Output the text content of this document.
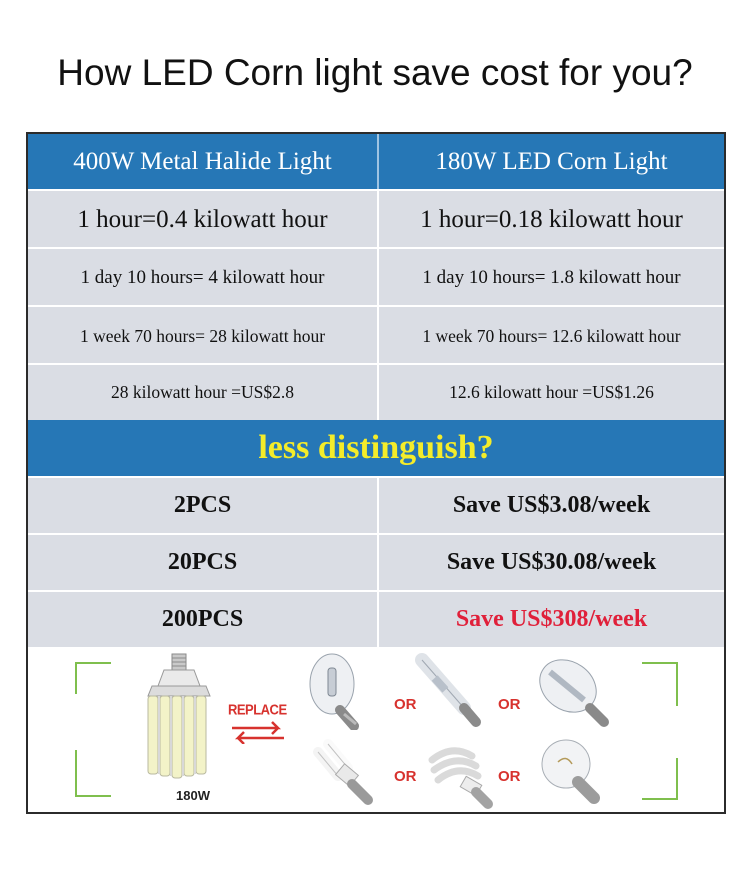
How LED Corn light save cost for you?
400W Metal Halide Light	180W LED Corn Light
1 hour=0.4 kilowatt hour	1 hour=0.18 kilowatt hour
1 day 10 hours= 4 kilowatt hour	1 day 10 hours= 1.8 kilowatt hour
1 week 70 hours= 28 kilowatt hour	1 week 70 hours= 12.6 kilowatt hour
28 kilowatt hour =US$2.8	12.6 kilowatt hour =US$1.26
less distinguish?
2PCS	Save US$3.08/week
20PCS	Save US$30.08/week
200PCS	Save US$308/week
180W
REPLACE	OR	OR
OR	OR
